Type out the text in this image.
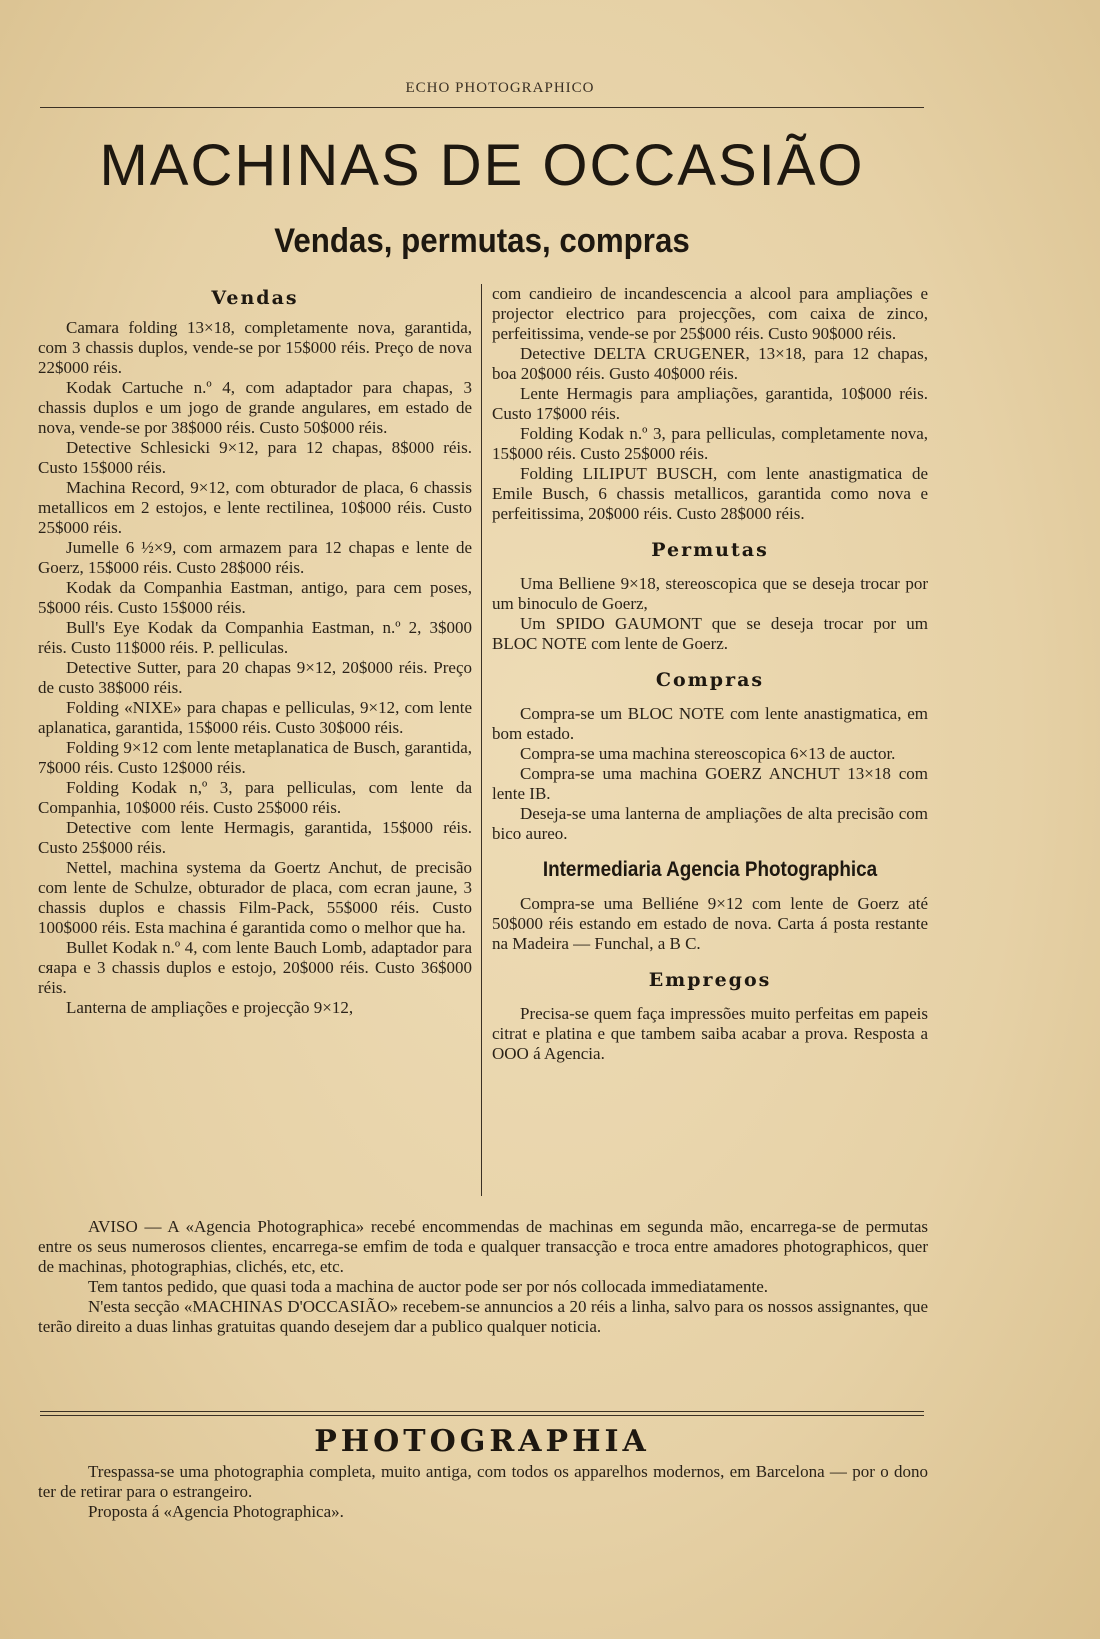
ECHO PHOTOGRAPHICO
MACHINAS DE OCCASIÃO
Vendas, permutas, compras
Vendas

Camara folding 13×18, completamente nova, garantida, com 3 chassis duplos, vende-se por 15$000 réis. Preço de nova 22$000 réis.

Kodak Cartuche n.º 4, com adaptador para chapas, 3 chassis duplos e um jogo de grande angulares, em estado de nova, vende-se por 38$000 réis. Custo 50$000 réis.

Detective Schlesicki 9×12, para 12 chapas, 8$000 réis. Custo 15$000 réis.

Machina Record, 9×12, com obturador de placa, 6 chassis metallicos em 2 estojos, e lente rectilinea, 10$000 réis. Custo 25$000 réis.

Jumelle 6 ½×9, com armazem para 12 chapas e lente de Goerz, 15$000 réis. Custo 28$000 réis.

Kodak da Companhia Eastman, antigo, para cem poses, 5$000 réis. Custo 15$000 réis.

Bull's Eye Kodak da Companhia Eastman, n.º 2, 3$000 réis. Custo 11$000 réis. P. pelliculas.

Detective Sutter, para 20 chapas 9×12, 20$000 réis. Preço de custo 38$000 réis.

Folding «NIXE» para chapas e pelliculas, 9×12, com lente aplanatica, garantida, 15$000 réis. Custo 30$000 réis.

Folding 9×12 com lente metaplanatica de Busch, garantida, 7$000 réis. Custo 12$000 réis.

Folding Kodak n,º 3, para pelliculas, com lente da Companhia, 10$000 réis. Custo 25$000 réis.

Detective com lente Hermagis, garantida, 15$000 réis. Custo 25$000 réis.

Nettel, machina systema da Goertz Anchut, de precisão com lente de Schulze, obturador de placa, com ecran jaune, 3 chassis duplos e chassis Film-Pack, 55$000 réis. Custo 100$000 réis. Esta machina é garantida como o melhor que ha.

Bullet Kodak n.º 4, com lente Bauch Lomb, adaptador para cяapa e 3 chassis duplos e estojo, 20$000 réis. Custo 36$000 réis.

Lanterna de ampliações e projecção 9×12,

com candieiro de incandescencia a alcool para ampliações e projector electrico para projecções, com caixa de zinco, perfeitissima, vende-se por 25$000 réis. Custo 90$000 réis.

Detective DELTA CRUGENER, 13×18, para 12 chapas, boa 20$000 réis. Gusto 40$000 réis.

Lente Hermagis para ampliações, garantida, 10$000 réis. Custo 17$000 réis.

Folding Kodak n.º 3, para pelliculas, completamente nova, 15$000 réis. Custo 25$000 réis.

Folding LILIPUT BUSCH, com lente anastigmatica de Emile Busch, 6 chassis metallicos, garantida como nova e perfeitissima, 20$000 réis. Custo 28$000 réis.

Permutas

Uma Belliene 9×18, stereoscopica que se deseja trocar por um binoculo de Goerz,

Um SPIDO GAUMONT que se deseja trocar por um BLOC NOTE com lente de Goerz.

Compras

Compra-se um BLOC NOTE com lente anastigmatica, em bom estado.

Compra-se uma machina stereoscopica 6×13 de auctor.

Compra-se uma machina GOERZ ANCHUT 13×18 com lente IB.

Deseja-se uma lanterna de ampliações de alta precisão com bico aureo.

Intermediaria Agencia Photographica

Compra-se uma Belliéne 9×12 com lente de Goerz até 50$000 réis estando em estado de nova. Carta á posta restante na Madeira — Funchal, a B C.

Empregos

Precisa-se quem faça impressões muito perfeitas em papeis citrat e platina e que tambem saiba acabar a prova. Resposta a OOO á Agencia.

AVISO — A «Agencia Photographica» recebé encommendas de machinas em segunda mão, encarrega-se de permutas entre os seus numerosos clientes, encarrega-se emfim de toda e qualquer transacção e troca entre amadores photographicos, quer de machinas, photographias, clichés, etc, etc.

Tem tantos pedido, que quasi toda a machina de auctor pode ser por nós collocada immediatamente.

N'esta secção «MACHINAS D'OCCASIÃO» recebem-se annuncios a 20 réis a linha, salvo para os nossos assignantes, que terão direito a duas linhas gratuitas quando desejem dar a publico qualquer noticia.

PHOTOGRAPHIA

Trespassa-se uma photographia completa, muito antiga, com todos os apparelhos modernos, em Barcelona — por o dono ter de retirar para o estrangeiro.

Proposta á «Agencia Photographica».
